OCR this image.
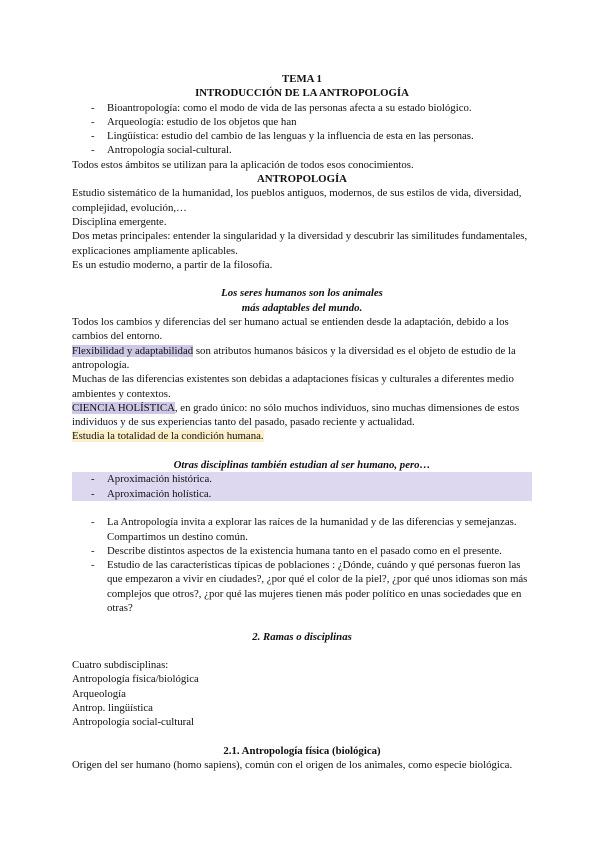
TEMA 1

INTRODUCCIÓN DE LA ANTROPOLOGÍA

- Bioantropología: como el modo de vida de las personas afecta a su estado biológico.
- Arqueología: estudio de los objetos que han
- Lingüística: estudio del cambio de las lenguas y la influencia de esta en las personas.
- Antropología social-cultural.

Todos estos ámbitos se utilizan para la aplicación de todos esos conocimientos.

ANTROPOLOGÍA

Estudio sistemático de la humanidad, los pueblos antiguos, modernos, de sus estilos de vida, diversidad, complejidad, evolución,…

Disciplina emergente.

Dos metas principales: entender la singularidad y la diversidad y descubrir las similitudes fundamentales, explicaciones ampliamente aplicables.

Es un estudio moderno, a partir de la filosofía.

Los seres humanos son los animales

más adaptables del mundo.

Todos los cambios y diferencias del ser humano actual se entienden desde la adaptación, debido a los cambios del entorno.

Flexibilidad y adaptabilidad son atributos humanos básicos y la diversidad es el objeto de estudio de la antropología.

Muchas de las diferencias existentes son debidas a adaptaciones físicas y culturales a diferentes medio ambientes y contextos.

CIENCIA HOLÍSTICA, en grado único: no sólo muchos individuos, sino muchas dimensiones de estos individuos y de sus experiencias tanto del pasado, pasado reciente y actualidad.

Estudia la totalidad de la condición humana.

Otras disciplinas también estudian al ser humano, pero…

- Aproximación histórica.
- Aproximación holística.
- La Antropología invita a explorar las raíces de la humanidad y de las diferencias y semejanzas. Compartimos un destino común.
- Describe distintos aspectos de la existencia humana tanto en el pasado como en el presente.
- Estudio de las características típicas de poblaciones : ¿Dónde, cuándo y qué personas fueron las que empezaron a vivir en ciudades?, ¿por qué el color de la piel?, ¿por qué unos idiomas son más complejos que otros?, ¿por qué las mujeres tienen más poder político en unas sociedades que en otras?

2. Ramas o disciplinas

Cuatro subdisciplinas:

Antropología física/biológica

Arqueología

Antrop. lingüística

Antropología social-cultural

2.1. Antropología física (biológica)

Origen del ser humano (homo sapiens), común con el origen de los animales, como especie biológica.
